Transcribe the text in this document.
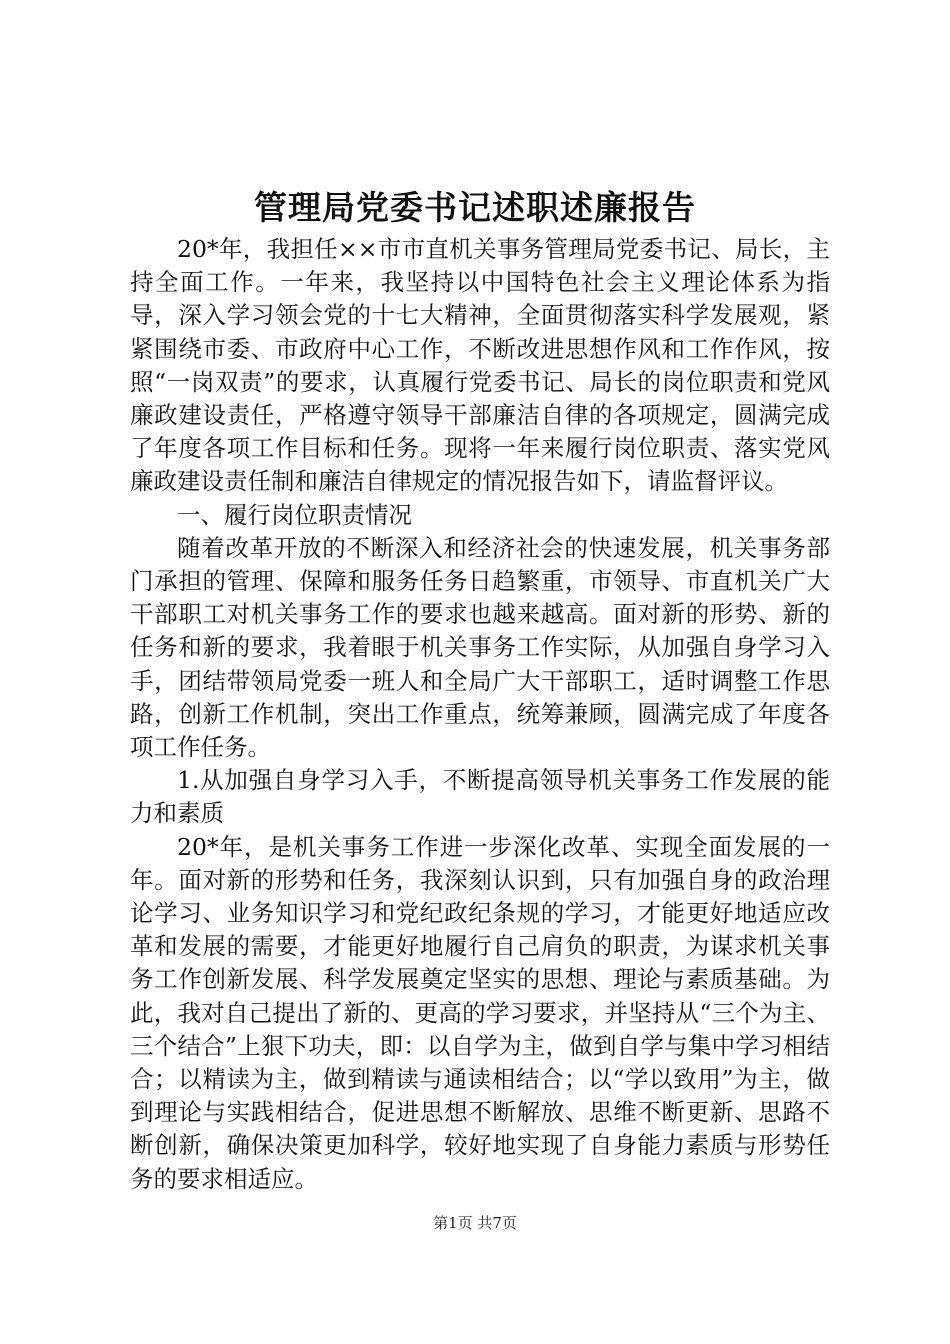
管理局党委书记述职述廉报告

20*年，我担任××市市直机关事务管理局党委书记、局长，主持全面工作。一年来，我坚持以中国特色社会主义理论体系为指导，深入学习领会党的十七大精神，全面贯彻落实科学发展观，紧紧围绕市委、市政府中心工作，不断改进思想作风和工作作风，按照“一岗双责”的要求，认真履行党委书记、局长的岗位职责和党风廉政建设责任，严格遵守领导干部廉洁自律的各项规定，圆满完成了年度各项工作目标和任务。现将一年来履行岗位职责、落实党风廉政建设责任制和廉洁自律规定的情况报告如下，请监督评议。

一、履行岗位职责情况

随着改革开放的不断深入和经济社会的快速发展，机关事务部门承担的管理、保障和服务任务日趋繁重，市领导、市直机关广大干部职工对机关事务工作的要求也越来越高。面对新的形势、新的任务和新的要求，我着眼于机关事务工作实际，从加强自身学习入手，团结带领局党委一班人和全局广大干部职工，适时调整工作思路，创新工作机制，突出工作重点，统筹兼顾，圆满完成了年度各项工作任务。

1.从加强自身学习入手，不断提高领导机关事务工作发展的能力和素质

20*年，是机关事务工作进一步深化改革、实现全面发展的一年。面对新的形势和任务，我深刻认识到，只有加强自身的政治理论学习、业务知识学习和党纪政纪条规的学习，才能更好地适应改革和发展的需要，才能更好地履行自己肩负的职责，为谋求机关事务工作创新发展、科学发展奠定坚实的思想、理论与素质基础。为此，我对自己提出了新的、更高的学习要求，并坚持从“三个为主、三个结合”上狠下功夫，即：以自学为主，做到自学与集中学习相结合；以精读为主，做到精读与通读相结合；以“学以致用”为主，做到理论与实践相结合，促进思想不断解放、思维不断更新、思路不断创新，确保决策更加科学，较好地实现了自身能力素质与形势任务的要求相适应。

第1页 共7页
